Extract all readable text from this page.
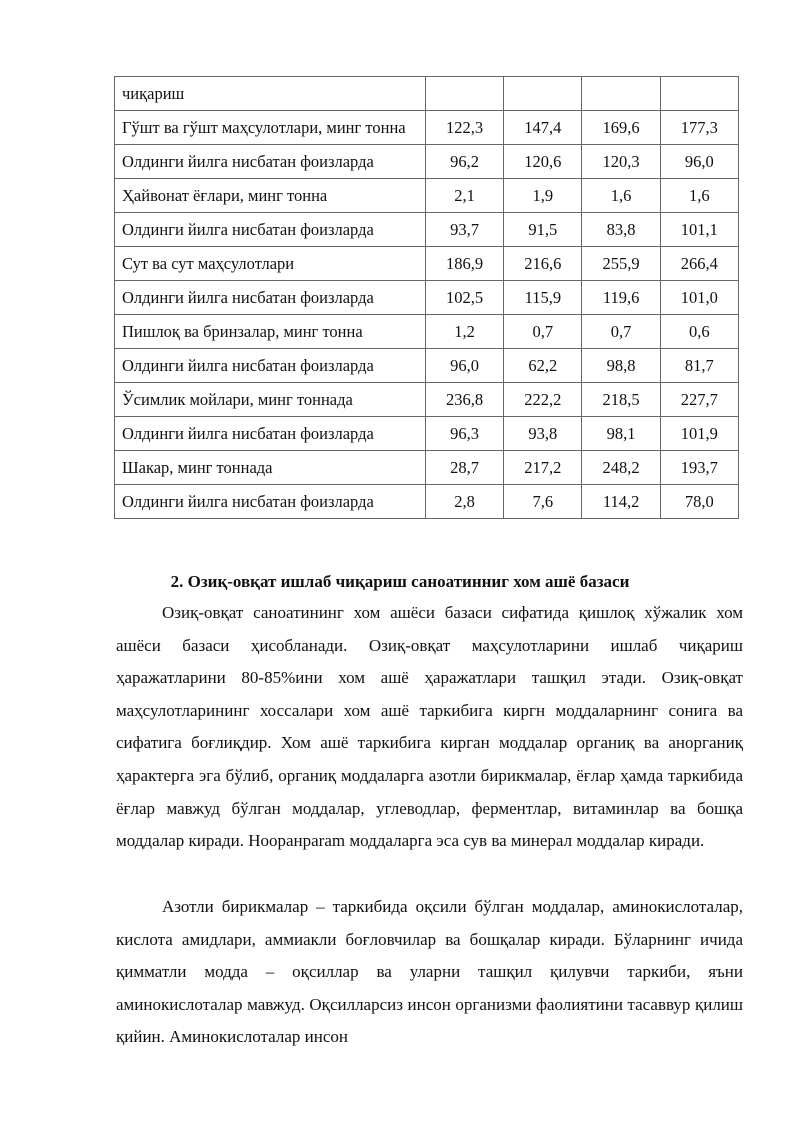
чиқариш				
Гўшт ва гўшт маҳсулотлари, минг тонна	122,3	147,4	169,6	177,3
Олдинги йилга нисбатан фоизларда	96,2	120,6	120,3	96,0
Ҳайвонат ёғлари, минг тонна	2,1	1,9	1,6	1,6
Олдинги йилга нисбатан фоизларда	93,7	91,5	83,8	101,1
Сут ва сут маҳсулотлари	186,9	216,6	255,9	266,4
Олдинги йилга нисбатан фоизларда	102,5	115,9	119,6	101,0
Пишлоқ ва бринзалар, минг тонна	1,2	0,7	0,7	0,6
Олдинги йилга нисбатан фоизларда	96,0	62,2	98,8	81,7
Ўсимлик мойлари, минг тоннада	236,8	222,2	218,5	227,7
Олдинги йилга нисбатан фоизларда	96,3	93,8	98,1	101,9
Шакар, минг тоннада	28,7	217,2	248,2	193,7
Олдинги йилга нисбатан фоизларда	2,8	7,6	114,2	78,0
2. Озиқ-овқат ишлаб чиқариш саноатинниг хом ашё базаси

Озиқ-овқат саноатининг хом ашёси базаси сифатида қишлоқ хўжалик хом ашёси базаси ҳисобланади. Озиқ-овқат маҳсулотларини ишлаб чиқариш ҳаражатларини 80-85%ини хом ашё ҳаражатлари ташқил этади. Озиқ-овқат маҳсулотларининг хоссалари хом ашё таркибига киргн моддаларнинг сонига ва сифатига боғлиқдир. Хом ашё таркибига кирган моддалар органиқ ва анорганиқ ҳарактерга эга бўлиб, органиқ моддаларга азотли бирикмалар, ёғлар ҳамда таркибида ёғлар мавжуд бўлган моддалар, углеводлар, ферментлар, витаминлар ва бошқа моддалар киради. Нооранparam моддаларга эса сув ва минерал моддалар киради.

Азотли бирикмалар – таркибида оқсили бўлган моддалар, аминокислоталар, кислота амидлари, аммиакли боғловчилар ва бошқалар киради. Бўларнинг ичида қимматли модда – оқсиллар ва уларни ташқил қилувчи таркиби, яъни аминокислоталар мавжуд. Оқсилларсиз инсон организми фаолиятини тасаввур қилиш қийин. Аминокислоталар инсон
